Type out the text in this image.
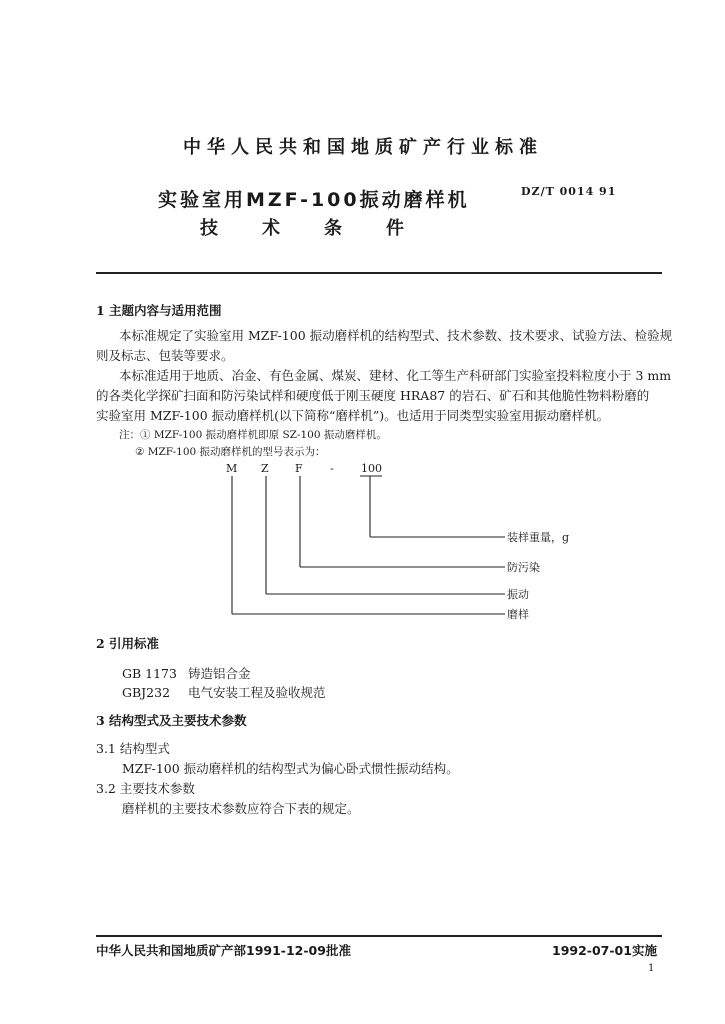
中华人民共和国地质矿产行业标准
实验室用MZF-100振动磨样机
技术条件
DZ/T 0014 91
1 主题内容与适用范围
本标准规定了实验室用 MZF-100 振动磨样机的结构型式、技术参数、技术要求、试验方法、检验规
则及标志、包装等要求。
本标准适用于地质、冶金、有色金属、煤炭、建材、化工等生产科研部门实验室投料粒度小于 3 mm
的各类化学探矿扫面和防污染试样和硬度低于刚玉硬度 HRA87 的岩石、矿石和其他脆性物料粉磨的
实验室用 MZF-100 振动磨样机(以下简称“磨样机”)。也适用于同类型实验室用振动磨样机。
注：① MZF-100 振动磨样机即原 SZ-100 振动磨样机。
② MZF-100 振动磨样机的型号表示为：
M Z F - 100
装样重量，g
防污染
振动
磨样
2 引用标准
GB 1173 铸造铝合金
GBJ232 电气安装工程及验收规范
3 结构型式及主要技术参数
3.1 结构型式
MZF-100 振动磨样机的结构型式为偏心卧式惯性振动结构。
3.2 主要技术参数
磨样机的主要技术参数应符合下表的规定。
中华人民共和国地质矿产部1991-12-09批准	1992-07-01实施
1
